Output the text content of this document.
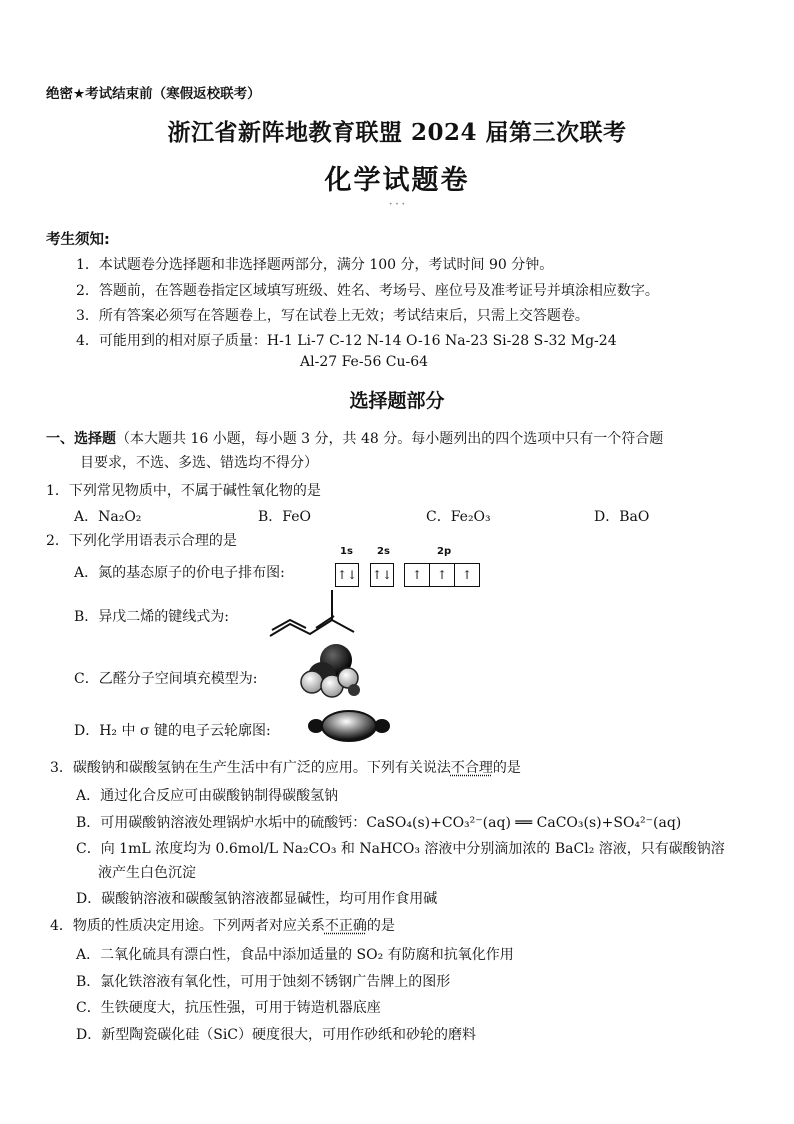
绝密★考试结束前（寒假返校联考）
浙江省新阵地教育联盟 2024 届第三次联考
化学试题卷
· · ·
考生须知:
1．本试题卷分选择题和非选择题两部分，满分 100 分，考试时间 90 分钟。
2．答题前，在答题卷指定区域填写班级、姓名、考场号、座位号及准考证号并填涂相应数字。
3．所有答案必须写在答题卷上，写在试卷上无效；考试结束后，只需上交答题卷。
4．可能用到的相对原子质量：H-1 Li-7 C-12 N-14 O-16 Na-23 Si-28 S-32 Mg-24
Al-27 Fe-56 Cu-64
选择题部分
一、选择题（本大题共 16 小题，每小题 3 分，共 48 分。每小题列出的四个选项中只有一个符合题
目要求，不选、多选、错选均不得分）
1．下列常见物质中，不属于碱性氧化物的是
A．Na₂O₂	B．FeO	C．Fe₂O₃	D．BaO
2．下列化学用语表示合理的是
A．氮的基态原子的价电子排布图:
1s 2s	2p
↑↓ ↑↓	↑	↑	↑
B．异戊二烯的键线式为:
C．乙醛分子空间填充模型为:
D．H₂ 中 σ 键的电子云轮廓图:
3．碳酸钠和碳酸氢钠在生产生活中有广泛的应用。下列有关说法不合理的是
A．通过化合反应可由碳酸钠制得碳酸氢钠
B．可用碳酸钠溶液处理锅炉水垢中的硫酸钙：CaSO₄(s)+CO₃²⁻(aq) ══ CaCO₃(s)+SO₄²⁻(aq)
C．向 1mL 浓度均为 0.6mol/L Na₂CO₃ 和 NaHCO₃ 溶液中分别滴加浓的 BaCl₂ 溶液，只有碳酸钠溶
液产生白色沉淀
D．碳酸钠溶液和碳酸氢钠溶液都显碱性，均可用作食用碱
4．物质的性质决定用途。下列两者对应关系不正确的是
A．二氧化硫具有漂白性，食品中添加适量的 SO₂ 有防腐和抗氧化作用
B．氯化铁溶液有氧化性，可用于蚀刻不锈钢广告牌上的图形
C．生铁硬度大，抗压性强，可用于铸造机器底座
D．新型陶瓷碳化硅（SiC）硬度很大，可用作砂纸和砂轮的磨料
